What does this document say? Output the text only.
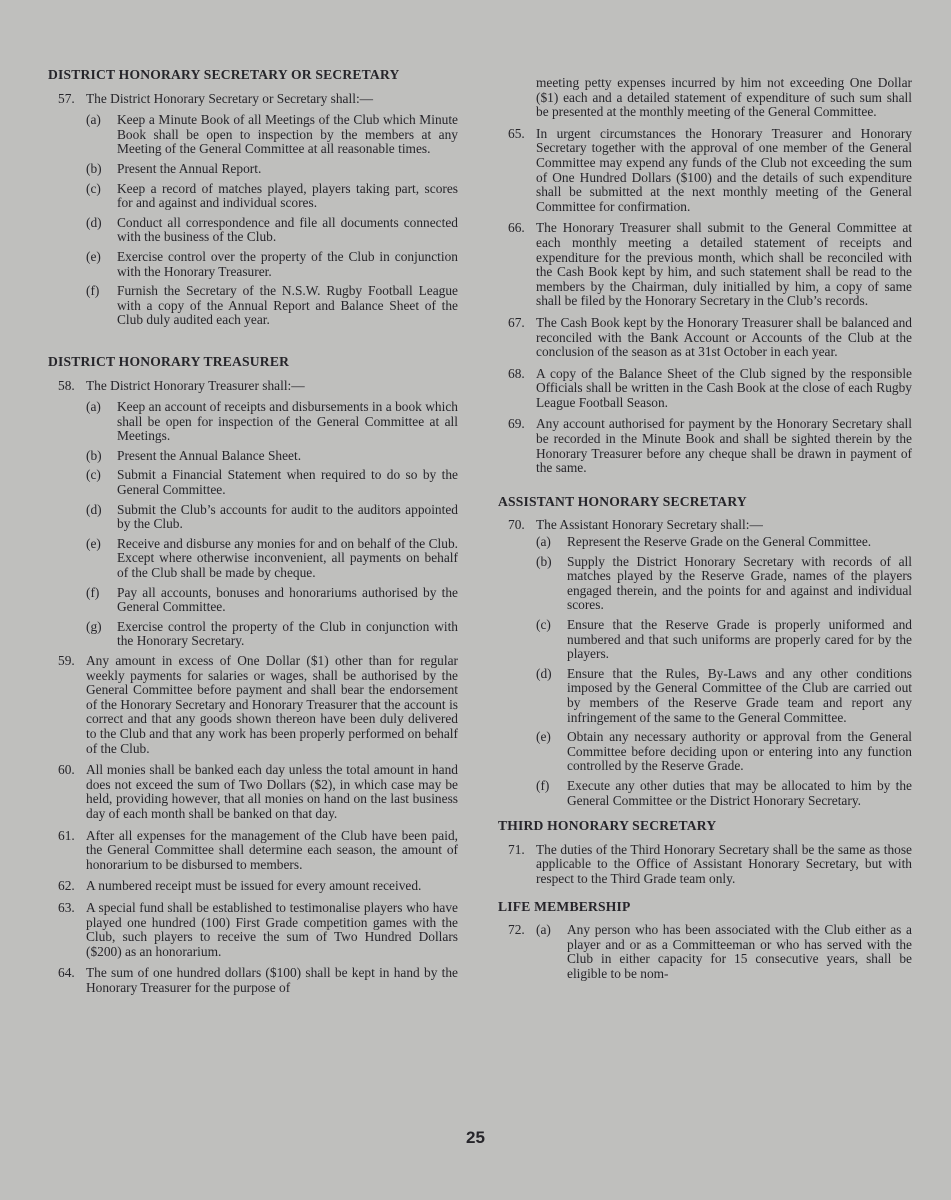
DISTRICT HONORARY SECRETARY OR SECRETARY
57. The District Honorary Secretary or Secretary shall:—
(a)	Keep a Minute Book of all Meetings of the Club which Minute Book shall be open to inspection by the members at any Meeting of the General Committee at all reasonable times.
(b)	Present the Annual Report.
(c)	Keep a record of matches played, players taking part, scores for and against and individual scores.
(d)	Conduct all correspondence and file all documents connected with the business of the Club.
(e)	Exercise control over the property of the Club in conjunction with the Honorary Treasurer.
(f)	Furnish the Secretary of the N.S.W. Rugby Football League with a copy of the Annual Report and Balance Sheet of the Club duly audited each year.
DISTRICT HONORARY TREASURER
58. The District Honorary Treasurer shall:—
(a)	Keep an account of receipts and disbursements in a book which shall be open for inspection of the General Committee at all Meetings.
(b)	Present the Annual Balance Sheet.
(c)	Submit a Financial Statement when required to do so by the General Committee.
(d)	Submit the Club’s accounts for audit to the auditors appointed by the Club.
(e)	Receive and disburse any monies for and on behalf of the Club. Except where otherwise inconvenient, all payments on behalf of the Club shall be made by cheque.
(f)	Pay all accounts, bonuses and honorariums authorised by the General Committee.
(g)	Exercise control the property of the Club in conjunction with the Honorary Secretary.
59. Any amount in excess of One Dollar ($1) other than for regular weekly payments for salaries or wages, shall be authorised by the General Committee before payment and shall bear the endorsement of the Honorary Secretary and Honorary Treasurer that the account is correct and that any goods shown thereon have been duly delivered to the Club and that any work has been properly performed on behalf of the Club.
60. All monies shall be banked each day unless the total amount in hand does not exceed the sum of Two Dollars ($2), in which case may be held, providing however, that all monies on hand on the last business day of each month shall be banked on that day.
61. After all expenses for the management of the Club have been paid, the General Committee shall determine each season, the amount of honorarium to be disbursed to members.
62. A numbered receipt must be issued for every amount received.
63. A special fund shall be established to testimonalise players who have played one hundred (100) First Grade competition games with the Club, such players to receive the sum of Two Hundred Dollars ($200) as an honorarium.
64. The sum of one hundred dollars ($100) shall be kept in hand by the Honorary Treasurer for the purpose of
meeting petty expenses incurred by him not exceeding One Dollar ($1) each and a detailed statement of expenditure of such sum shall be presented at the monthly meeting of the General Committee.
65. In urgent circumstances the Honorary Treasurer and Honorary Secretary together with the approval of one member of the General Committee may expend any funds of the Club not exceeding the sum of One Hundred Dollars ($100) and the details of such expenditure shall be submitted at the next monthly meeting of the General Committee for confirmation.
66. The Honorary Treasurer shall submit to the General Committee at each monthly meeting a detailed statement of receipts and expenditure for the previous month, which shall be reconciled with the Cash Book kept by him, and such statement shall be read to the members by the Chairman, duly initialled by him, a copy of same shall be filed by the Honorary Secretary in the Club’s records.
67. The Cash Book kept by the Honorary Treasurer shall be balanced and reconciled with the Bank Account or Accounts of the Club at the conclusion of the season as at 31st October in each year.
68. A copy of the Balance Sheet of the Club signed by the responsible Officials shall be written in the Cash Book at the close of each Rugby League Football Season.
69. Any account authorised for payment by the Honorary Secretary shall be recorded in the Minute Book and shall be sighted therein by the Honorary Treasurer before any cheque shall be drawn in payment of the same.
ASSISTANT HONORARY SECRETARY
70. The Assistant Honorary Secretary shall:—
(a)	Represent the Reserve Grade on the General Committee.
(b)	Supply the District Honorary Secretary with records of all matches played by the Reserve Grade, names of the players engaged therein, and the points for and against and individual scores.
(c)	Ensure that the Reserve Grade is properly uniformed and numbered and that such uniforms are properly cared for by the players.
(d)	Ensure that the Rules, By-Laws and any other conditions imposed by the General Committee of the Club are carried out by members of the Reserve Grade team and report any infringement of the same to the General Committee.
(e)	Obtain any necessary authority or approval from the General Committee before deciding upon or entering into any function controlled by the Reserve Grade.
(f)	Execute any other duties that may be allocated to him by the General Committee or the District Honorary Secretary.
THIRD HONORARY SECRETARY
71. The duties of the Third Honorary Secretary shall be the same as those applicable to the Office of Assistant Honorary Secretary, but with respect to the Third Grade team only.
LIFE MEMBERSHIP
72. (a)	Any person who has been associated with the Club either as a player and or as a Committeeman or who has served with the Club in either capacity for 15 consecutive years, shall be eligible to be nom-
25
